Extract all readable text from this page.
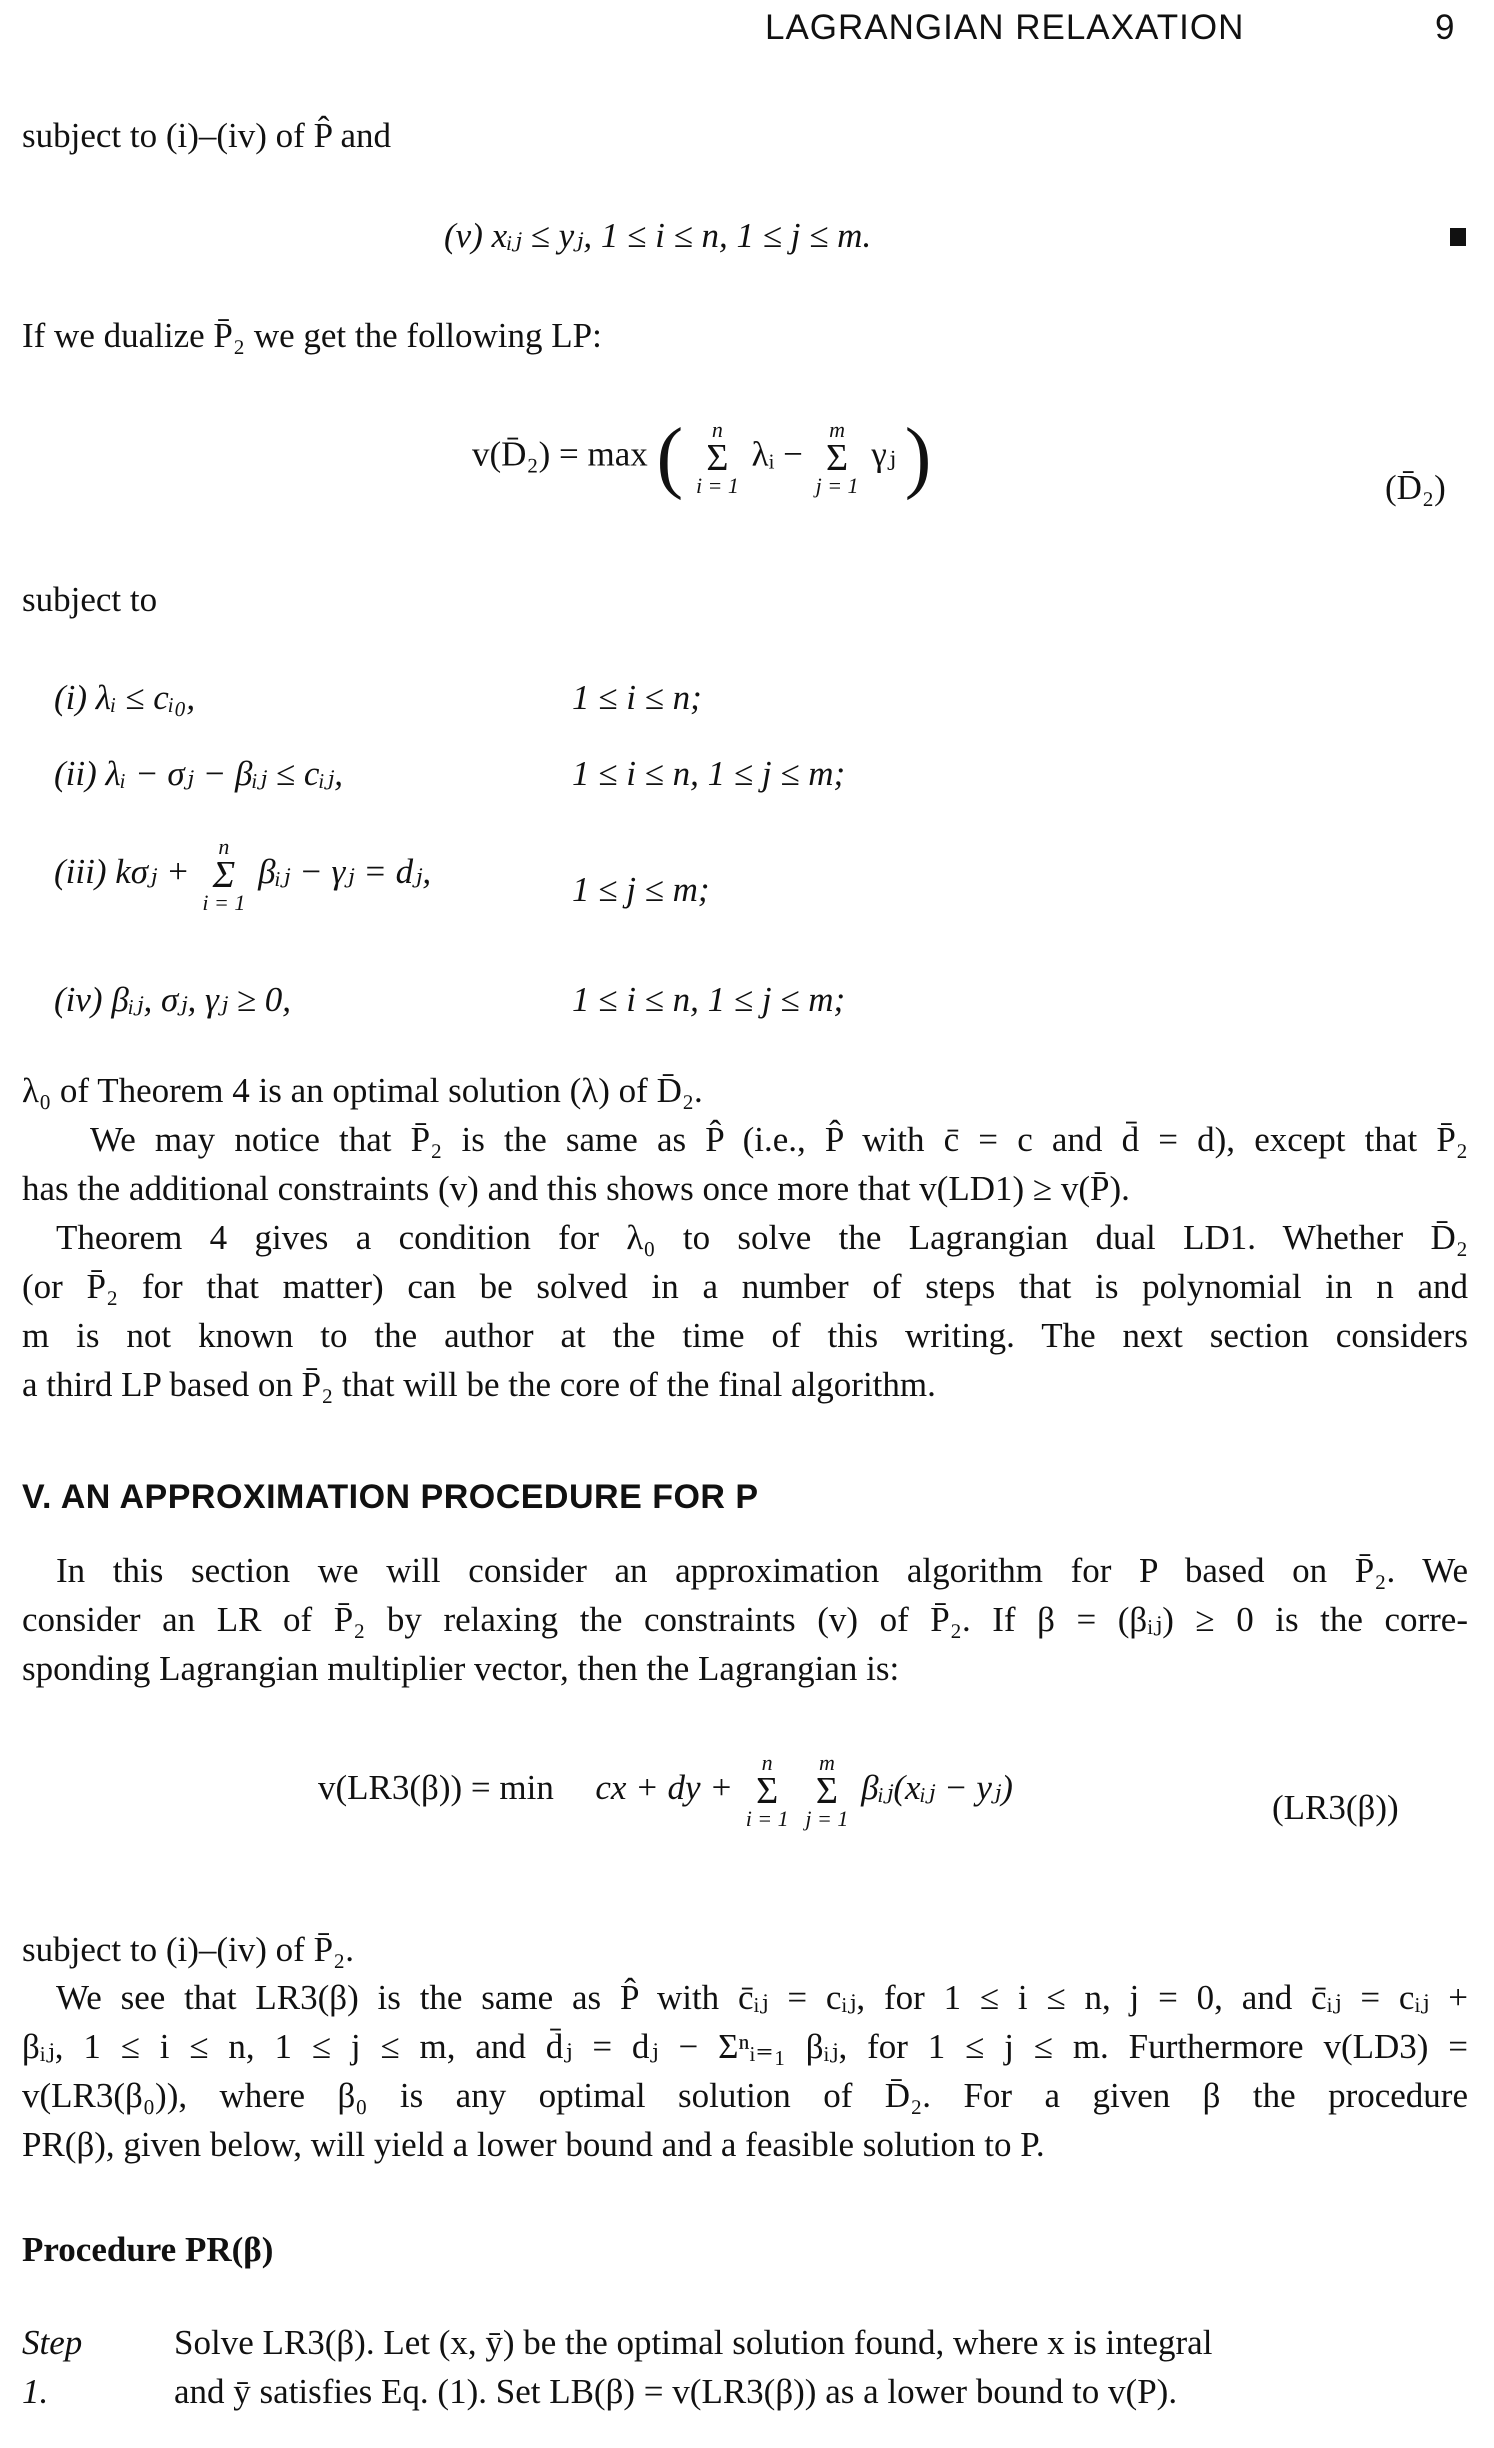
LAGRANGIAN RELAXATION	9
subject to (i)–(iv) of P̂ and
(v) xᵢⱼ ≤ yⱼ, 1 ≤ i ≤ n, 1 ≤ j ≤ m.
If we dualize P̄₂ we get the following LP:
v(D̄₂) = max (	n
Σ
i = 1
λᵢ −
m
Σ
j = 1
γⱼ )	(D̄₂)
subject to
(i) λᵢ ≤ cᵢ₀,	1 ≤ i ≤ n;
(ii) λᵢ − σⱼ − βᵢⱼ ≤ cᵢⱼ,	1 ≤ i ≤ n, 1 ≤ j ≤ m;
(iii) kσⱼ +
n
Σ
i = 1
βᵢⱼ − γⱼ = dⱼ,	1 ≤ j ≤ m;
(iv) βᵢⱼ, σⱼ, γⱼ ≥ 0,	1 ≤ i ≤ n, 1 ≤ j ≤ m;
λ₀ of Theorem 4 is an optimal solution (λ) of D̄₂.
We may notice that P̄₂ is the same as P̂ (i.e., P̂ with c̄ = c and d̄ = d), except that P̄₂
has the additional constraints (v) and this shows once more that v(LD1) ≥ v(P̄).
Theorem 4 gives a condition for λ₀ to solve the Lagrangian dual LD1. Whether D̄₂
(or P̄₂ for that matter) can be solved in a number of steps that is polynomial in n and
m is not known to the author at the time of this writing. The next section considers
a third LP based on P̄₂ that will be the core of the final algorithm.
V. AN APPROXIMATION PROCEDURE FOR P
In this section we will consider an approximation algorithm for P based on P̄₂. We
consider an LR of P̄₂ by relaxing the constraints (v) of P̄₂. If β = (βᵢⱼ) ≥ 0 is the corre-
sponding Lagrangian multiplier vector, then the Lagrangian is:
v(LR3(β)) = min cx + dy +
n
Σ
i = 1

m
Σ
j = 1
βᵢⱼ(xᵢⱼ − yⱼ)
(LR3(β))
subject to (i)–(iv) of P̄₂.
We see that LR3(β) is the same as P̂ with c̄ᵢⱼ = cᵢⱼ, for 1 ≤ i ≤ n, j = 0, and c̄ᵢⱼ = cᵢⱼ +
βᵢⱼ, 1 ≤ i ≤ n, 1 ≤ j ≤ m, and d̄ⱼ = dⱼ − Σⁿᵢ₌₁ βᵢⱼ, for 1 ≤ j ≤ m. Furthermore v(LD3) =
v(LR3(β₀)), where β₀ is any optimal solution of D̄₂. For a given β the procedure
PR(β), given below, will yield a lower bound and a feasible solution to P.
Procedure PR(β)
Step 1.
Solve LR3(β). Let (x, ȳ) be the optimal solution found, where x is integral
and ȳ satisfies Eq. (1). Set LB(β) = v(LR3(β)) as a lower bound to v(P).
